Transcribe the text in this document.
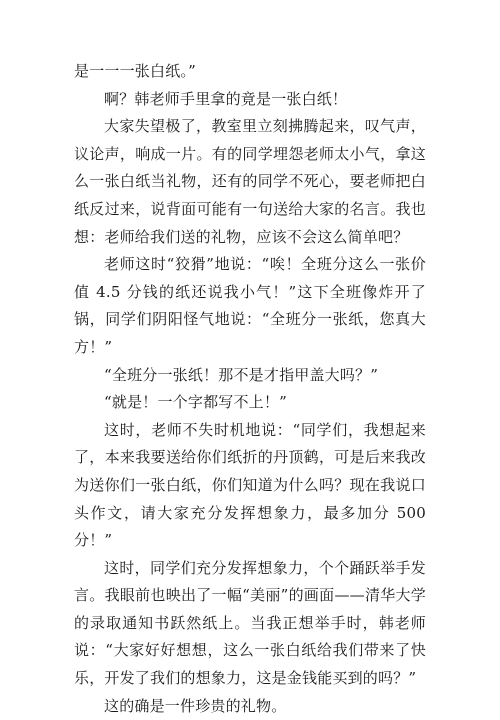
是一一一张白纸。”

啊？韩老师手里拿的竟是一张白纸！

大家失望极了，教室里立刻拂腾起来，叹气声，议论声，响成一片。有的同学埋怨老师太小气，拿这么一张白纸当礼物，还有的同学不死心，要老师把白纸反过来，说背面可能有一句送给大家的名言。我也想：老师给我们送的礼物，应该不会这么简单吧？

老师这时“狡猾”地说：“唉！全班分这么一张价值 4.5 分钱的纸还说我小气！”这下全班像炸开了锅，同学们阴阳怪气地说：“全班分一张纸，您真大方！”

“全班分一张纸！那不是才指甲盖大吗？”

“就是！一个字都写不上！”

这时，老师不失时机地说：“同学们，我想起来了，本来我要送给你们纸折的丹顶鹤，可是后来我改为送你们一张白纸，你们知道为什么吗？现在我说口头作文，请大家充分发挥想象力，最多加分 500 分！”

这时，同学们充分发挥想象力，个个踊跃举手发言。我眼前也映出了一幅“美丽”的画面——清华大学的录取通知书跃然纸上。当我正想举手时，韩老师说：“大家好好想想，这么一张白纸给我们带来了快乐，开发了我们的想象力，这是金钱能买到的吗？”

这的确是一件珍贵的礼物。
